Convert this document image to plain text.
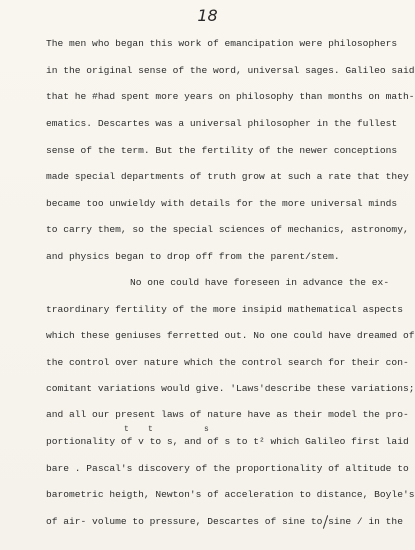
18
The men who began this work of emancipation were philosophers
in the original sense of the word, universal sages. Galileo said
that he #had spent more years on philosophy than months on math-
ematics. Descartes was a universal philosopher in the fullest
sense of the term. But the fertility of the newer conceptions
made special departments of truth grow at such a rate that they
became too unwieldy with details for the more universal minds
to carry them, so the special sciences of mechanics, astronomy,
and physics began to drop off from the parent/stem.
No one could have foreseen in advance the ex-
traordinary fertility of the more insipid mathematical aspects
which these geniuses ferretted out. No one could have dreamed of
the control over nature which the control search for their con-
comitant variations would give. 'Laws'describe these variations;
and all our present laws of nature have as their model the pro-
portionality of v to s, and of s to t² which Galileo first laid
bare . Pascal's discovery of the proportionality of altitude to
barometric heigth, Newton's of acceleration to distance, Boyle's
of air- volume to pressure, Descartes of sine to sine / in the
t t	s
